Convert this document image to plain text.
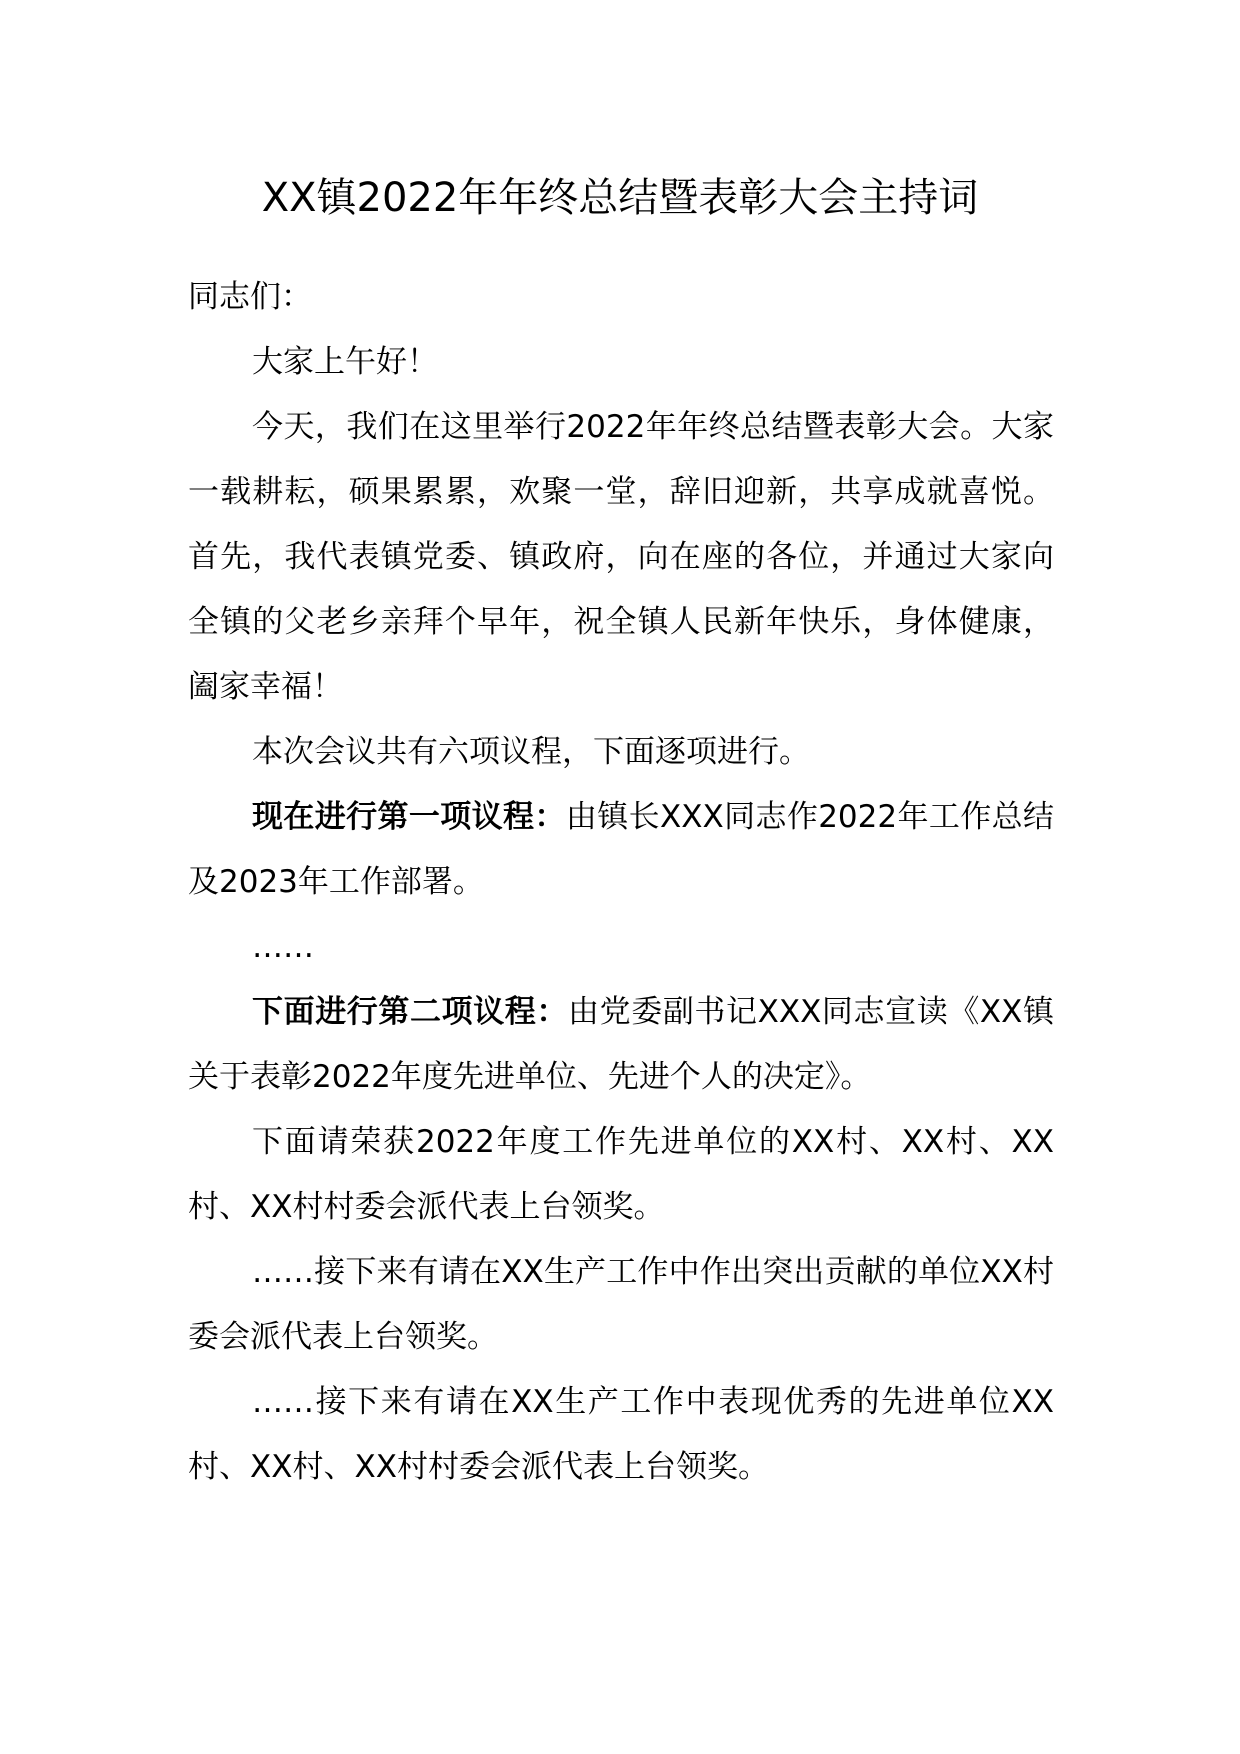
XX镇2022年年终总结暨表彰大会主持词

同志们：

大家上午好！

今天，我们在这里举行2022年年终总结暨表彰大会。大家一载耕耘，硕果累累，欢聚一堂，辞旧迎新，共享成就喜悦。首先，我代表镇党委、镇政府，向在座的各位，并通过大家向全镇的父老乡亲拜个早年，祝全镇人民新年快乐，身体健康，阖家幸福！

本次会议共有六项议程，下面逐项进行。

现在进行第一项议程：由镇长XXX同志作2022年工作总结及2023年工作部署。

……

下面进行第二项议程：由党委副书记XXX同志宣读《XX镇关于表彰2022年度先进单位、先进个人的决定》。

下面请荣获2022年度工作先进单位的XX村、XX村、XX村、XX村村委会派代表上台领奖。

……接下来有请在XX生产工作中作出突出贡献的单位XX村委会派代表上台领奖。

……接下来有请在XX生产工作中表现优秀的先进单位XX村、XX村、XX村村委会派代表上台领奖。
